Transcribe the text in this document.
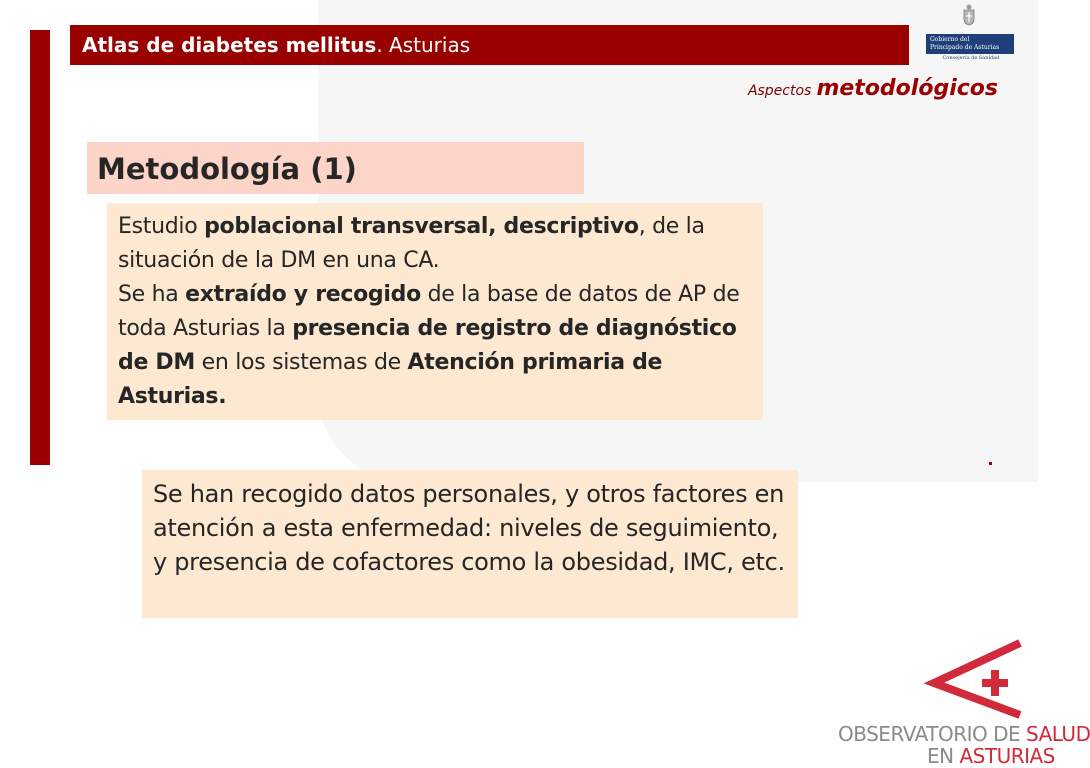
Atlas de diabetes mellitus. Asturias	Gobierno del
Principado de Asturias
Consejería de Sanidad
Aspectos metodológicos
Metodología (1)
Estudio poblacional transversal, descriptivo, de la situación de la DM en una CA.
Se ha extraído y recogido de la base de datos de AP de toda Asturias la presencia de registro de diagnóstico de DM en los sistemas de Atención primaria de Asturias.
Se han recogido datos personales, y otros factores en atención a esta enfermedad: niveles de seguimiento, y presencia de cofactores como la obesidad, IMC, etc.
OBSERVATORIO DE SALUD
EN ASTURIAS
